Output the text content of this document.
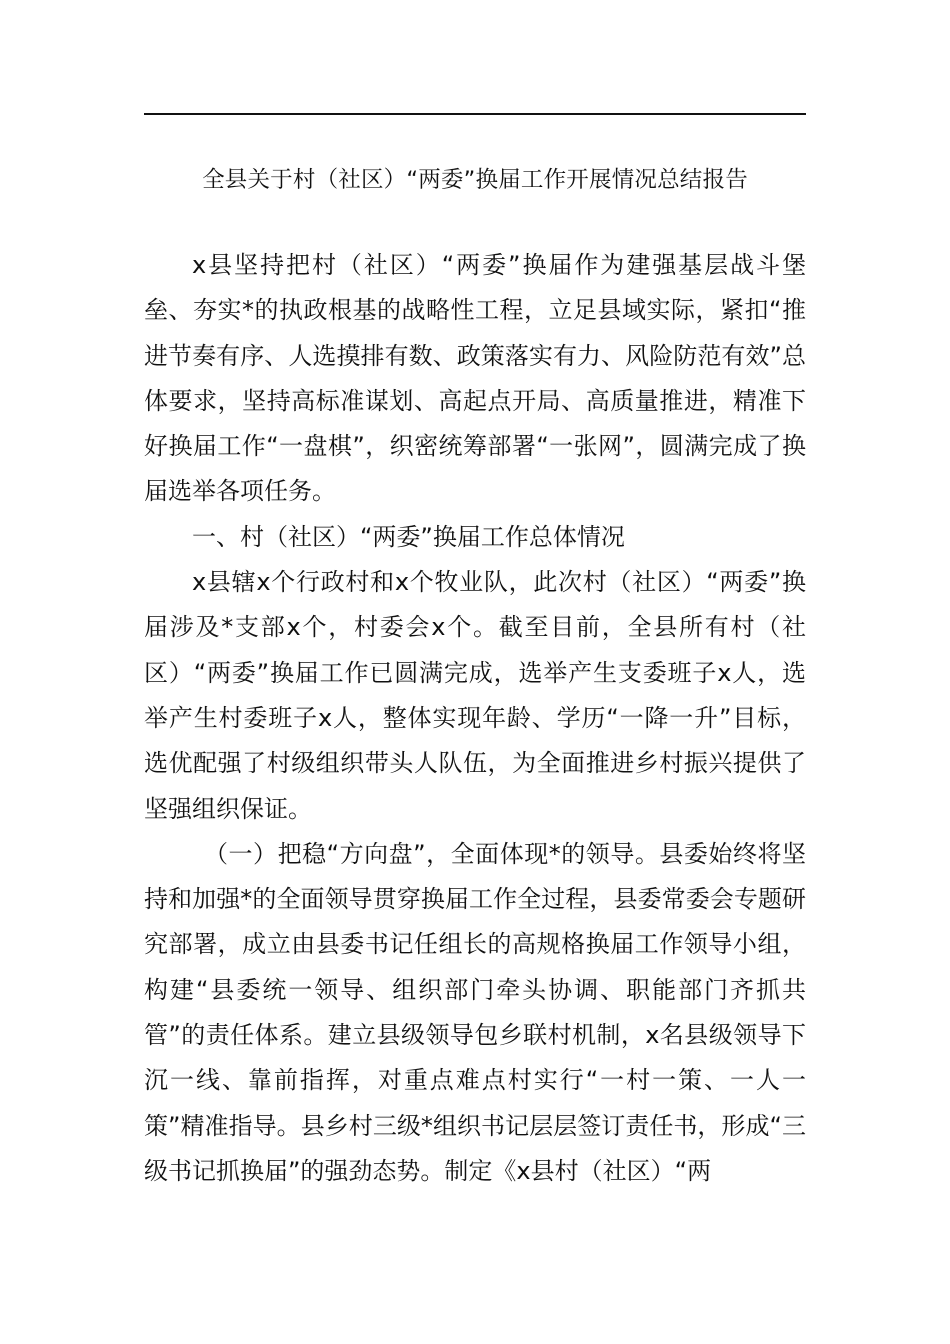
全县关于村（社区）“两委”换届工作开展情况总结报告

x县坚持把村（社区）“两委”换届作为建强基层战斗堡垒、夯实*的执政根基的战略性工程，立足县域实际，紧扣“推进节奏有序、人选摸排有数、政策落实有力、风险防范有效”总体要求，坚持高标准谋划、高起点开局、高质量推进，精准下好换届工作“一盘棋”，织密统筹部署“一张网”，圆满完成了换届选举各项任务。

一、村（社区）“两委”换届工作总体情况

x县辖x个行政村和x个牧业队，此次村（社区）“两委”换届涉及*支部x个，村委会x个。截至目前，全县所有村（社区）“两委”换届工作已圆满完成，选举产生支委班子x人，选举产生村委班子x人，整体实现年龄、学历“一降一升”目标，选优配强了村级组织带头人队伍，为全面推进乡村振兴提供了坚强组织保证。

（一）把稳“方向盘”，全面体现*的领导。县委始终将坚持和加强*的全面领导贯穿换届工作全过程，县委常委会专题研究部署，成立由县委书记任组长的高规格换届工作领导小组，构建“县委统一领导、组织部门牵头协调、职能部门齐抓共管”的责任体系。建立县级领导包乡联村机制，x名县级领导下沉一线、靠前指挥，对重点难点村实行“一村一策、一人一策”精准指导。县乡村三级*组织书记层层签订责任书，形成“三级书记抓换届”的强劲态势。制定《x县村（社区）“两
